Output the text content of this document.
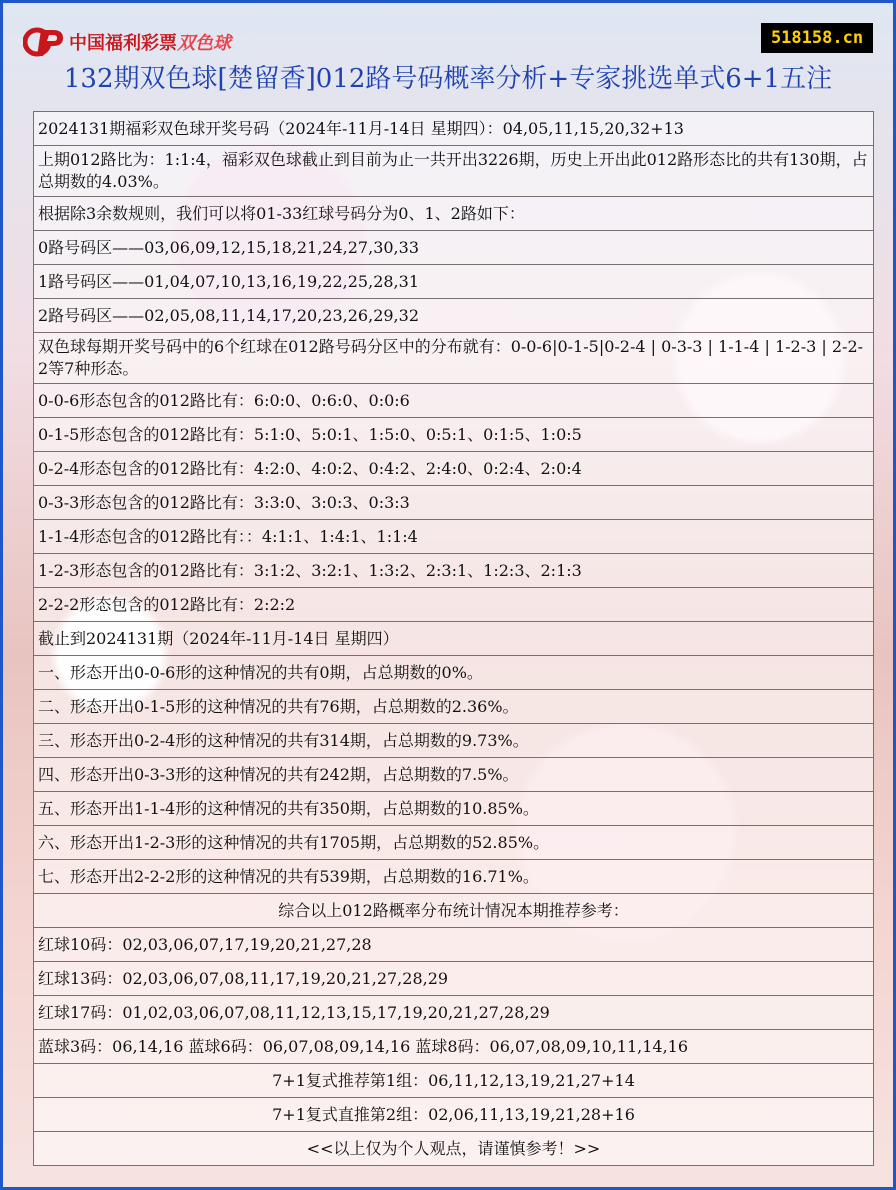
中国福利彩票双色球	518158.cn
132期双色球[楚留香]012路号码概率分析+专家挑选单式6+1五注
2024131期福彩双色球开奖号码（2024年-11月-14日 星期四）：04,05,11,15,20,32+13
上期012路比为：1:1:4，福彩双色球截止到目前为止一共开出3226期，历史上开出此012路形态比的共有130期，占总期数的4.03%。
根据除3余数规则，我们可以将01-33红球号码分为0、1、2路如下：
0路号码区——03,06,09,12,15,18,21,24,27,30,33
1路号码区——01,04,07,10,13,16,19,22,25,28,31
2路号码区——02,05,08,11,14,17,20,23,26,29,32
双色球每期开奖号码中的6个红球在012路号码分区中的分布就有：0-0-6|0-1-5|0-2-4 | 0-3-3 | 1-1-4 | 1-2-3 | 2-2-2等7种形态。
0-0-6形态包含的012路比有：6:0:0、0:6:0、0:0:6
0-1-5形态包含的012路比有：5:1:0、5:0:1、1:5:0、0:5:1、0:1:5、1:0:5
0-2-4形态包含的012路比有：4:2:0、4:0:2、0:4:2、2:4:0、0:2:4、2:0:4
0-3-3形态包含的012路比有：3:3:0、3:0:3、0:3:3
1-1-4形态包含的012路比有：：4:1:1、1:4:1、1:1:4
1-2-3形态包含的012路比有：3:1:2、3:2:1、1:3:2、2:3:1、1:2:3、2:1:3
2-2-2形态包含的012路比有：2:2:2
截止到2024131期（2024年-11月-14日 星期四）
一、形态开出0-0-6形的这种情况的共有0期，占总期数的0%。
二、形态开出0-1-5形的这种情况的共有76期，占总期数的2.36%。
三、形态开出0-2-4形的这种情况的共有314期，占总期数的9.73%。
四、形态开出0-3-3形的这种情况的共有242期，占总期数的7.5%。
五、形态开出1-1-4形的这种情况的共有350期，占总期数的10.85%。
六、形态开出1-2-3形的这种情况的共有1705期，占总期数的52.85%。
七、形态开出2-2-2形的这种情况的共有539期，占总期数的16.71%。
综合以上012路概率分布统计情况本期推荐参考：
红球10码：02,03,06,07,17,19,20,21,27,28
红球13码：02,03,06,07,08,11,17,19,20,21,27,28,29
红球17码：01,02,03,06,07,08,11,12,13,15,17,19,20,21,27,28,29
蓝球3码：06,14,16 蓝球6码：06,07,08,09,14,16 蓝球8码：06,07,08,09,10,11,14,16
7+1复式推荐第1组：06,11,12,13,19,21,27+14
7+1复式直推第2组：02,06,11,13,19,21,28+16
<<以上仅为个人观点，请谨慎参考！>>
